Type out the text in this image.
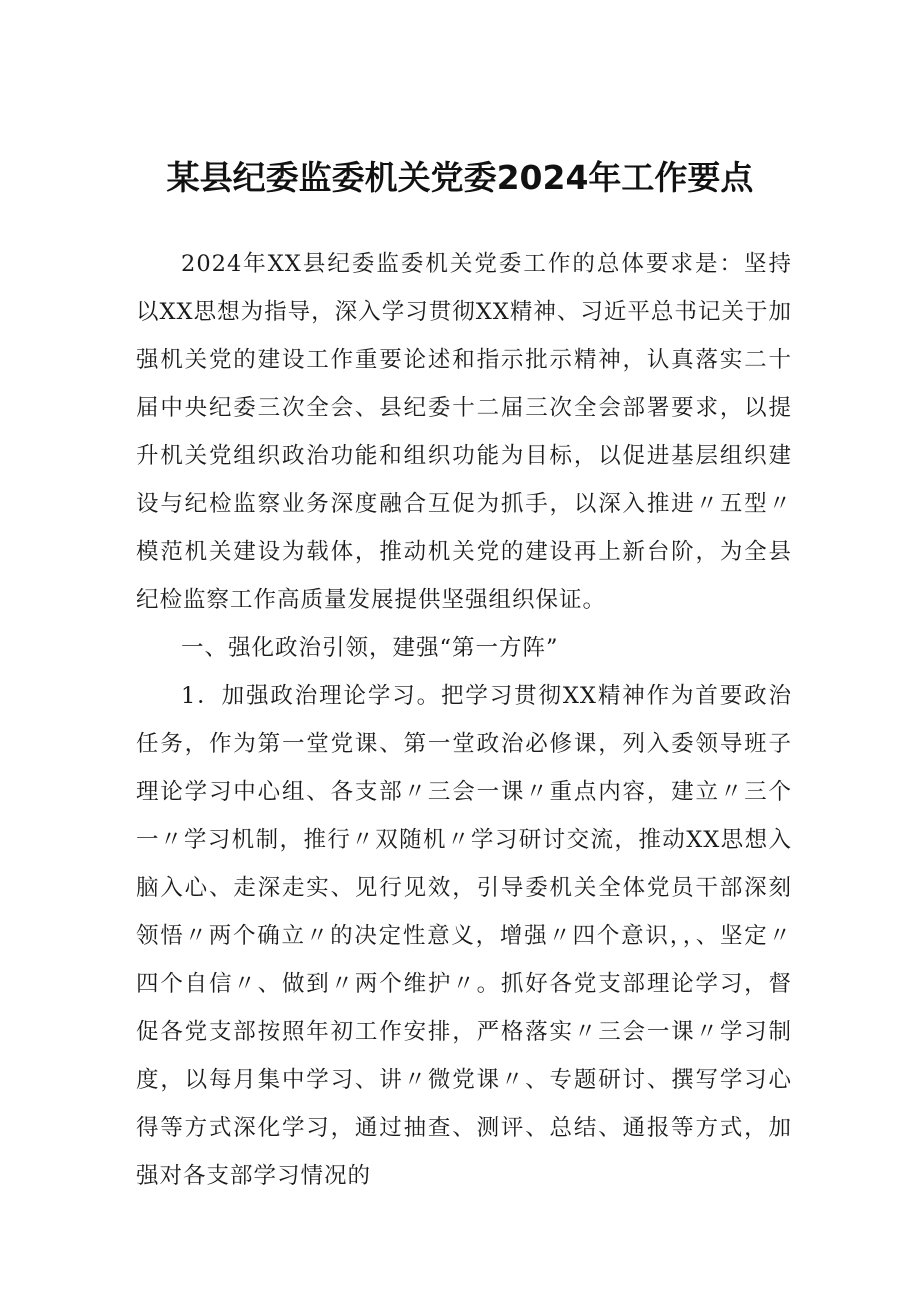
某县纪委监委机关党委2024年工作要点

2024年XX县纪委监委机关党委工作的总体要求是：坚持以XX思想为指导，深入学习贯彻XX精神、习近平总书记关于加强机关党的建设工作重要论述和指示批示精神，认真落实二十届中央纪委三次全会、县纪委十二届三次全会部署要求，以提升机关党组织政治功能和组织功能为目标，以促进基层组织建设与纪检监察业务深度融合互促为抓手，以深入推进〃五型〃模范机关建设为载体，推动机关党的建设再上新台阶，为全县纪检监察工作高质量发展提供坚强组织保证。

一、强化政治引领，建强“第一方阵”

1．加强政治理论学习。把学习贯彻XX精神作为首要政治任务，作为第一堂党课、第一堂政治必修课，列入委领导班子理论学习中心组、各支部〃三会一课〃重点内容，建立〃三个一〃学习机制，推行〃双随机〃学习研讨交流，推动XX思想入脑入心、走深走实、见行见效，引导委机关全体党员干部深刻领悟〃两个确立〃的决定性意义，增强〃四个意识，，、坚定〃四个自信〃、做到〃两个维护〃。抓好各党支部理论学习，督促各党支部按照年初工作安排，严格落实〃三会一课〃学习制度，以每月集中学习、讲〃微党课〃、专题研讨、撰写学习心得等方式深化学习，通过抽查、测评、总结、通报等方式，加强对各支部学习情况的
